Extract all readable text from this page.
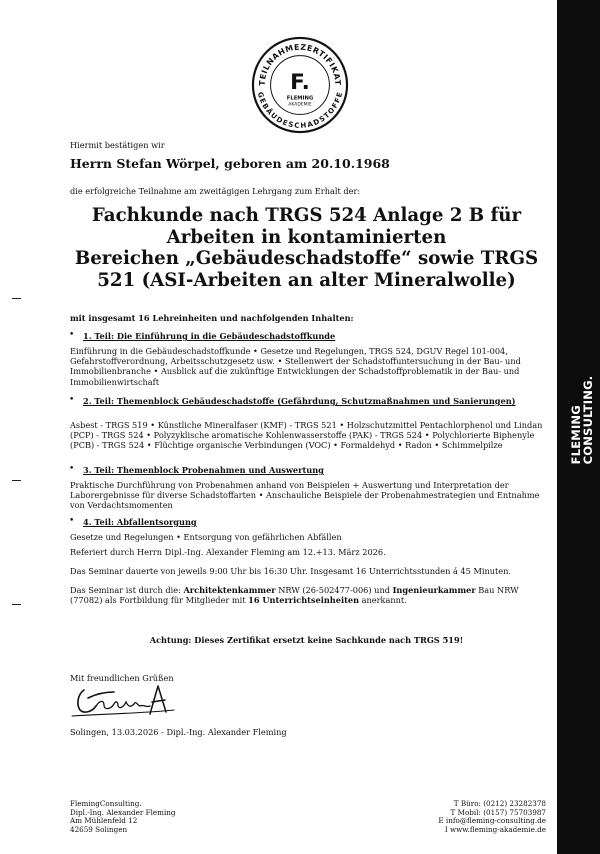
FLEMING
CONSULTING.
TEILNAHMEZERTIFIKAT
GEBÄUDESCHADSTOFFE
F.
FLEMING
AKADEMIE
Hiermit bestätigen wir
Herrn Stefan Wörpel, geboren am 20.10.1968
die erfolgreiche Teilnahme am zweitägigen Lehrgang zum Erhalt der:
Fachkunde nach TRGS 524 Anlage 2 B für
Arbeiten in kontaminierten
Bereichen „Gebäudeschadstoffe“ sowie TRGS
521 (ASI-Arbeiten an alter Mineralwolle)
mit insgesamt 16 Lehreinheiten und nachfolgenden Inhalten:
•
1. Teil: Die Einführung in die Gebäudeschadstoffkunde
Einführung in die Gebäudeschadstoffkunde • Gesetze und Regelungen, TRGS 524, DGUV Regel 101-004, Gefahrstoffverordnung, Arbeitsschutzgesetz usw. • Stellenwert der Schadstoffuntersuchung in der Bau- und Immobilienbranche • Ausblick auf die zukünftige Entwicklungen der Schadstoffproblematik in der Bau- und Immobilienwirtschaft
•
2. Teil: Themenblock Gebäudeschadstoffe (Gefährdung, Schutzmaßnahmen und Sanierungen)
Asbest - TRGS 519 • Künstliche Mineralfaser (KMF) - TRGS 521 • Holzschutzmittel Pentachlorphenol und Lindan (PCP) - TRGS 524 • Polyzyklische aromatische Kohlenwasserstoffe (PAK) - TRGS 524 • Polychlorierte Biphenyle (PCB) - TRGS 524 • Flüchtige organische Verbindungen (VOC) • Formaldehyd • Radon • Schimmelpilze
•
3. Teil: Themenblock Probenahmen und Auswertung
Praktische Durchführung von Probenahmen anhand von Beispielen + Auswertung und Interpretation der Laborergebnisse für diverse Schadstoffarten • Anschauliche Beispiele der Probenahmestrategien und Entnahme von Verdachtsmomenten
•
4. Teil: Abfallentsorgung
Gesetze und Regelungen • Entsorgung von gefährlichen Abfällen
Referiert durch Herrn Dipl.-Ing. Alexander Fleming am 12.+13. März 2026.
Das Seminar dauerte von jeweils 9:00 Uhr bis 16:30 Uhr. Insgesamt 16 Unterrichtsstunden á 45 Minuten.
Das Seminar ist durch die: Architektenkammer NRW (26-502477-006) und Ingenieurkammer Bau NRW (77082) als Fortbildung für Mitglieder mit 16 Unterrichtseinheiten anerkannt.
Achtung: Dieses Zertifikat ersetzt keine Sachkunde nach TRGS 519!
Mit freundlichen Grüßen
Solingen, 13.03.2026 - Dipl.-Ing. Alexander Fleming
FlemingConsulting.
Dipl.-Ing. Alexander Fleming
Am Mühlenfeld 12
42659 Solingen
T Büro: (0212) 23282378
T Mobil: (0157) 75703987
E info@fleming-consulting.de
I www.fleming-akademie.de
